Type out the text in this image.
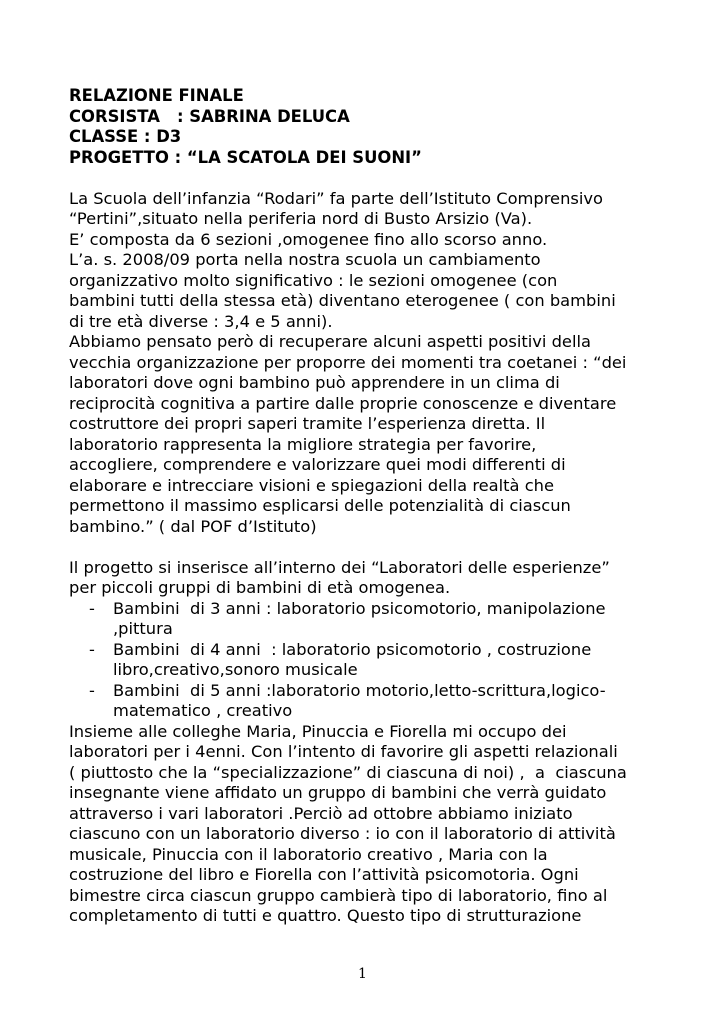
RELAZIONE FINALE
CORSISTA   : SABRINA DELUCA
CLASSE : D3
PROGETTO : “LA SCATOLA DEI SUONI”
La Scuola dell’infanzia “Rodari” fa parte dell’Istituto Comprensivo
“Pertini”,situato nella periferia nord di Busto Arsizio (Va).
E’ composta da 6 sezioni ,omogenee fino allo scorso anno.
L’a. s. 2008/09 porta nella nostra scuola un cambiamento
organizzativo molto significativo : le sezioni omogenee (con
bambini tutti della stessa età) diventano eterogenee ( con bambini
di tre età diverse : 3,4 e 5 anni).
Abbiamo pensato però di recuperare alcuni aspetti positivi della
vecchia organizzazione per proporre dei momenti tra coetanei : “dei
laboratori dove ogni bambino può apprendere in un clima di
reciprocità cognitiva a partire dalle proprie conoscenze e diventare
costruttore dei propri saperi tramite l’esperienza diretta. Il
laboratorio rappresenta la migliore strategia per favorire,
accogliere, comprendere e valorizzare quei modi differenti di
elaborare e intrecciare visioni e spiegazioni della realtà che
permettono il massimo esplicarsi delle potenzialità di ciascun
bambino.” ( dal POF d’Istituto)
Il progetto si inserisce all’interno dei “Laboratori delle esperienze”
per piccoli gruppi di bambini di età omogenea.
-	Bambini  di 3 anni : laboratorio psicomotorio, manipolazione
,pittura
-	Bambini  di 4 anni  : laboratorio psicomotorio , costruzione
libro,creativo,sonoro musicale
-	Bambini  di 5 anni :laboratorio motorio,letto-scrittura,logico-
matematico , creativo
Insieme alle colleghe Maria, Pinuccia e Fiorella mi occupo dei
laboratori per i 4enni. Con l’intento di favorire gli aspetti relazionali
( piuttosto che la “specializzazione” di ciascuna di noi) ,  a  ciascuna
insegnante viene affidato un gruppo di bambini che verrà guidato
attraverso i vari laboratori .Perciò ad ottobre abbiamo iniziato
ciascuno con un laboratorio diverso : io con il laboratorio di attività
musicale, Pinuccia con il laboratorio creativo , Maria con la
costruzione del libro e Fiorella con l’attività psicomotoria. Ogni
bimestre circa ciascun gruppo cambierà tipo di laboratorio, fino al
completamento di tutti e quattro. Questo tipo di strutturazione
1
